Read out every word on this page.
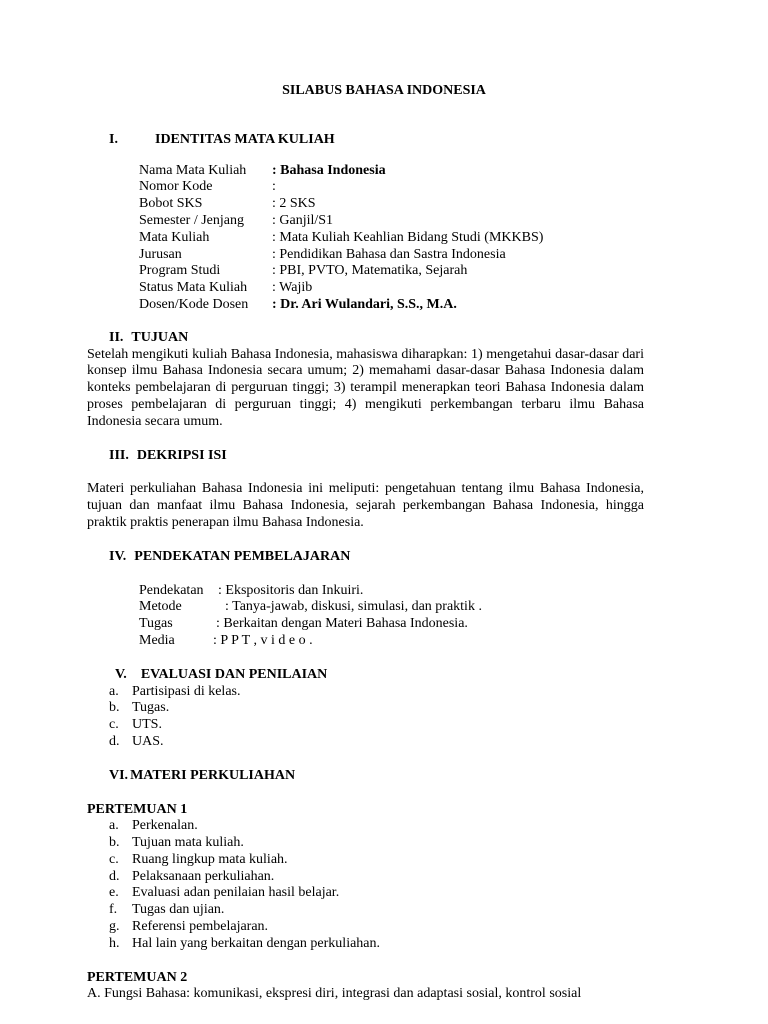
SILABUS BAHASA INDONESIA
I.	IDENTITAS MATA KULIAH
Nama Mata Kuliah	: Bahasa Indonesia
Nomor Kode	:
Bobot SKS	: 2 SKS
Semester / Jenjang	: Ganjil/S1
Mata Kuliah	: Mata Kuliah Keahlian Bidang Studi (MKKBS)
Jurusan	: Pendidikan Bahasa dan Sastra Indonesia
Program Studi	: PBI, PVTO, Matematika, Sejarah
Status Mata Kuliah	: Wajib
Dosen/Kode Dosen	: Dr. Ari Wulandari, S.S., M.A.
II. TUJUAN

Setelah mengikuti kuliah Bahasa Indonesia, mahasiswa diharapkan: 1) mengetahui dasar-dasar dari konsep ilmu Bahasa Indonesia secara umum; 2) memahami dasar-dasar Bahasa Indonesia dalam konteks pembelajaran di perguruan tinggi; 3) terampil menerapkan teori Bahasa Indonesia dalam proses pembelajaran di perguruan tinggi; 4) mengikuti perkembangan terbaru ilmu Bahasa Indonesia secara umum.

III. DEKRIPSI ISI

Materi perkuliahan Bahasa Indonesia ini meliputi: pengetahuan tentang ilmu Bahasa Indonesia, tujuan dan manfaat ilmu Bahasa Indonesia, sejarah perkembangan Bahasa Indonesia, hingga praktik praktis penerapan ilmu Bahasa Indonesia.

IV. PENDEKATAN PEMBELAJARAN
Pendekatan	: Ekspositoris dan Inkuiri.
Metode	: Tanya-jawab, diskusi, simulasi, dan praktik .
Tugas	: Berkaitan dengan Materi Bahasa Indonesia.
Media	: P P T , v i d e o .
V. EVALUASI DAN PENILAIAN
a. Partisipasi di kelas.
b. Tugas.
c. UTS.
d. UAS.
VI. MATERI PERKULIAHAN
PERTEMUAN 1
a. Perkenalan.
b. Tujuan mata kuliah.
c. Ruang lingkup mata kuliah.
d. Pelaksanaan perkuliahan.
e. Evaluasi adan penilaian hasil belajar.
f.	Tugas dan ujian.
g. Referensi pembelajaran.
h. Hal lain yang berkaitan dengan perkuliahan.
PERTEMUAN 2
A. Fungsi Bahasa: komunikasi, ekspresi diri, integrasi dan adaptasi sosial, kontrol sosial
